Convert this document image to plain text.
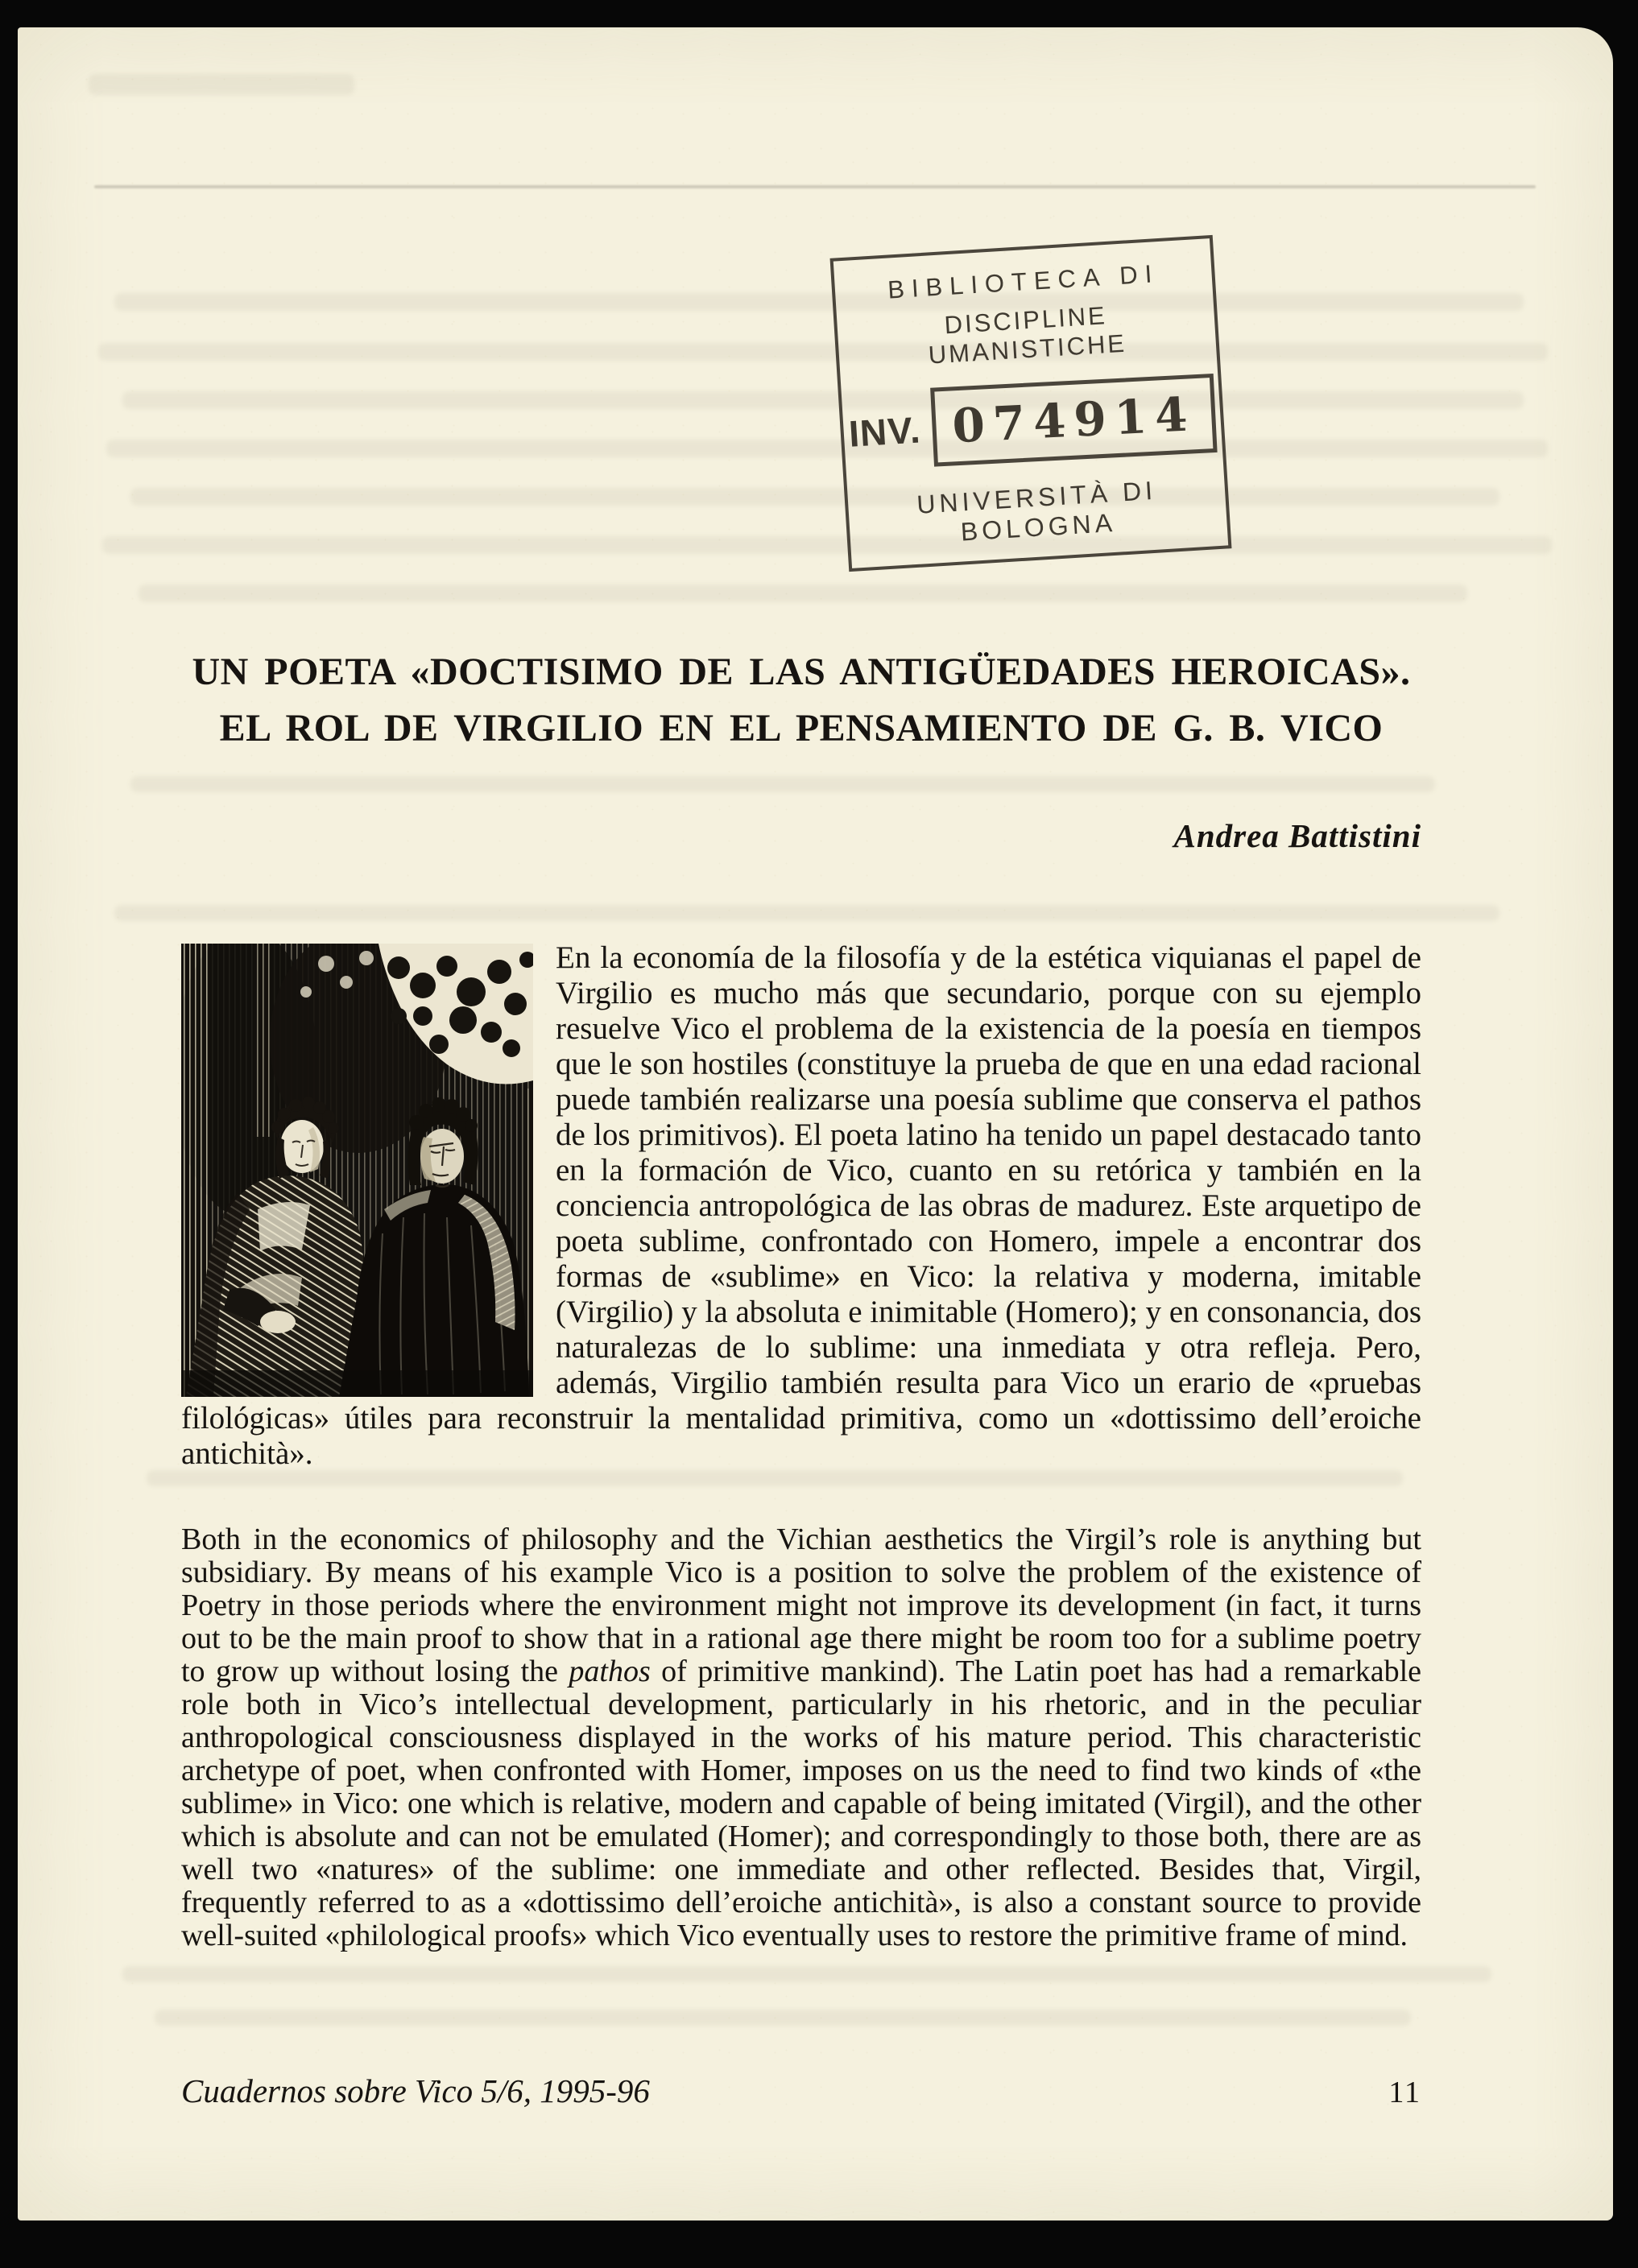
BIBLIOTECA DI
DISCIPLINE UMANISTICHE
INV. 074914
UNIVERSITÀ DI BOLOGNA
UN POETA «DOCTISIMO DE LAS ANTIGÜEDADES HEROICAS».
EL ROL DE VIRGILIO EN EL PENSAMIENTO DE G. B. VICO
Andrea Battistini

En la economía de la filosofía y de la estética viquianas el papel de Virgilio es mucho más que secundario, porque con su ejemplo resuelve Vico el problema de la existencia de la poesía en tiempos que le son hostiles (constituye la prueba de que en una edad racional puede también realizarse una poesía sublime que conserva el pathos de los primitivos). El poeta latino ha tenido un papel destacado tanto en la formación de Vico, cuanto en su retórica y también en la conciencia antropológica de las obras de madurez. Este arquetipo de poeta sublime, confrontado con Homero, impele a encontrar dos formas de «sublime» en Vico: la relativa y moderna, imitable (Virgilio) y la absoluta e inimitable (Homero); y en consonancia, dos naturalezas de lo sublime: una inmediata y otra refleja. Pero, además, Virgilio también resulta para Vico un erario de «pruebas filológicas» útiles para reconstruir la mentalidad primitiva, como un «dottissimo dell’eroiche antichità».

Both in the economics of philosophy and the Vichian aesthetics the Virgil’s role is anything but subsidiary. By means of his example Vico is a position to solve the problem of the existence of Poetry in those periods where the environment might not improve its development (in fact, it turns out to be the main proof to show that in a rational age there might be room too for a sublime poetry to grow up without losing the pathos of primitive mankind). The Latin poet has had a remarkable role both in Vico’s intellectual development, particularly in his rhetoric, and in the peculiar anthropological consciousness displayed in the works of his mature period. This characteristic archetype of poet, when confronted with Homer, imposes on us the need to find two kinds of «the sublime» in Vico: one which is relative, modern and capable of being imitated (Virgil), and the other which is absolute and can not be emulated (Homer); and correspondingly to those both, there are as well two «natures» of the sublime: one immediate and other reflected. Besides that, Virgil, frequently referred to as a «dottissimo dell’eroiche antichità», is also a constant source to provide well-suited «philological proofs» which Vico eventually uses to restore the primitive frame of mind.

Cuadernos sobre Vico 5/6, 1995-96	11
